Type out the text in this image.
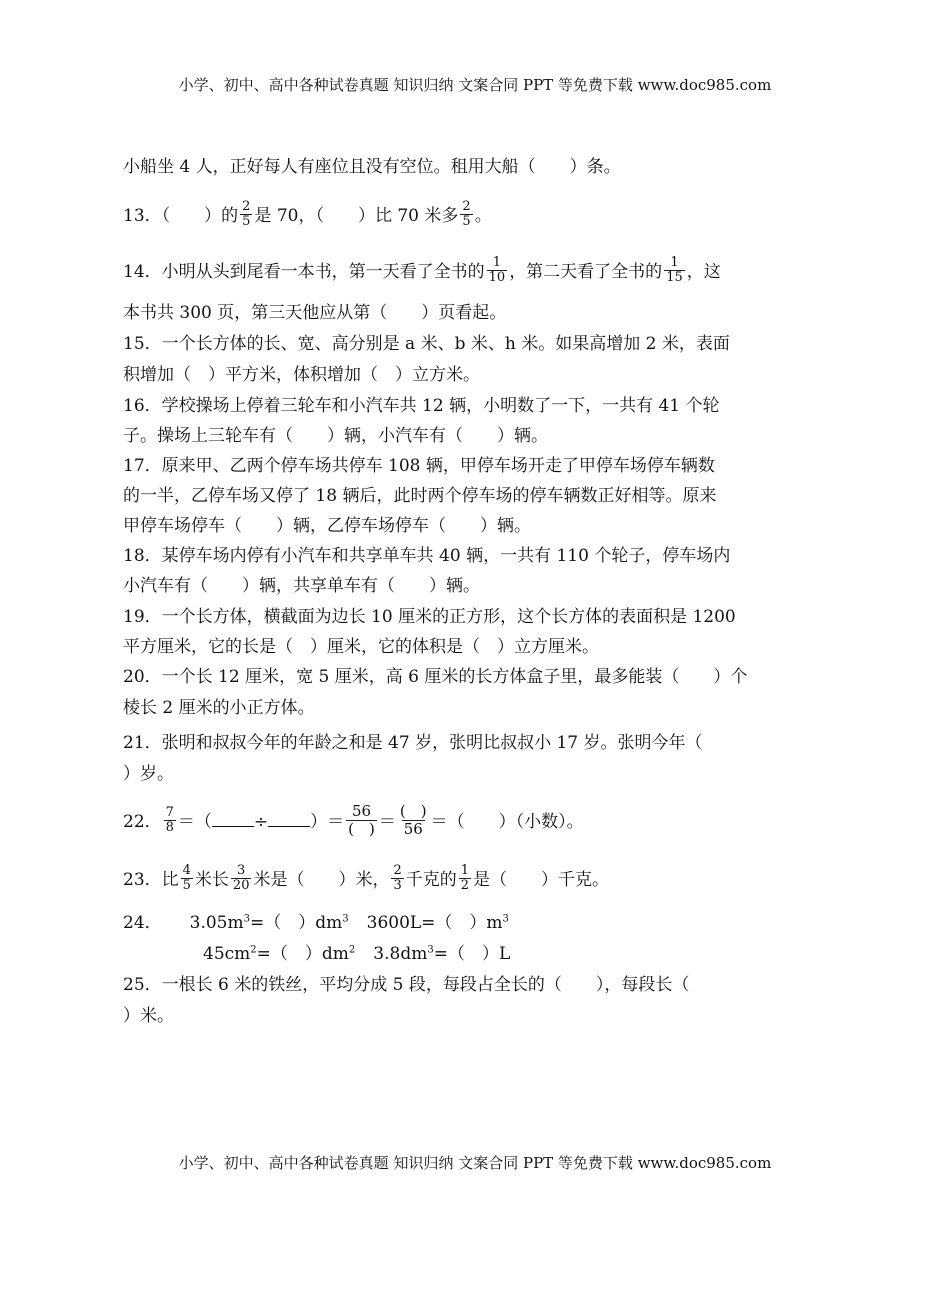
小学、初中、高中各种试卷真题 知识归纳 文案合同 PPT 等免费下载 www.doc985.com
小船坐 4 人，正好每人有座位且没有空位。租用大船（　　）条。
13．（　　）的 $\frac{2}{5}$ 是 70，（　　）比 70 米多 $\frac{2}{5}$ 。
14．小明从头到尾看一本书，第一天看了全书的 $\frac{1}{10}$ ，第二天看了全书的 $\frac{1}{15}$ ，这
本书共 300 页，第三天他应从第（　　）页看起。
15．一个长方体的长、宽、高分别是 a 米、b 米、h 米。如果高增加 2 米，表面
积增加（　）平方米，体积增加（　）立方米。
16．学校操场上停着三轮车和小汽车共 12 辆，小明数了一下，一共有 41 个轮
子。操场上三轮车有（　　）辆，小汽车有（　　）辆。
17．原来甲、乙两个停车场共停车 108 辆，甲停车场开走了甲停车场停车辆数
的一半，乙停车场又停了 18 辆后，此时两个停车场的停车辆数正好相等。原来
甲停车场停车（　　）辆，乙停车场停车（　　）辆。
18．某停车场内停有小汽车和共享单车共 40 辆，一共有 110 个轮子，停车场内
小汽车有（　　）辆，共享单车有（　　）辆。
19．一个长方体，横截面为边长 10 厘米的正方形，这个长方体的表面积是 1200
平方厘米，它的长是（　）厘米，它的体积是（　）立方厘米。
20．一个长 12 厘米，宽 5 厘米，高 6 厘米的长方体盒子里，最多能装（　　）个
棱长 2 厘米的小正方体。
21．张明和叔叔今年的年龄之和是 47 岁，张明比叔叔小 17 岁。张明今年（
）岁。
22． $\frac{7}{8}$ ＝（ ÷ ）＝ $\frac{56}{( )} = \frac{( )}{56}$ ＝（　　）（小数）。
23．比 $\frac{4}{5}$ 米长 $\frac{3}{20}$ 米是（　　）米， $\frac{2}{3}$ 千克的 $\frac{1}{2}$ 是（　　）千克。
24． $3.05m^3=$（　）$dm^3$ 3600L=（　）$m^3$
$45cm^2=$（　）$dm^2$ $3.8dm^3=$（　）L
25．一根长 6 米的铁丝，平均分成 5 段，每段占全长的（　　），每段长（
）米。
小学、初中、高中各种试卷真题 知识归纳 文案合同 PPT 等免费下载 www.doc985.com
